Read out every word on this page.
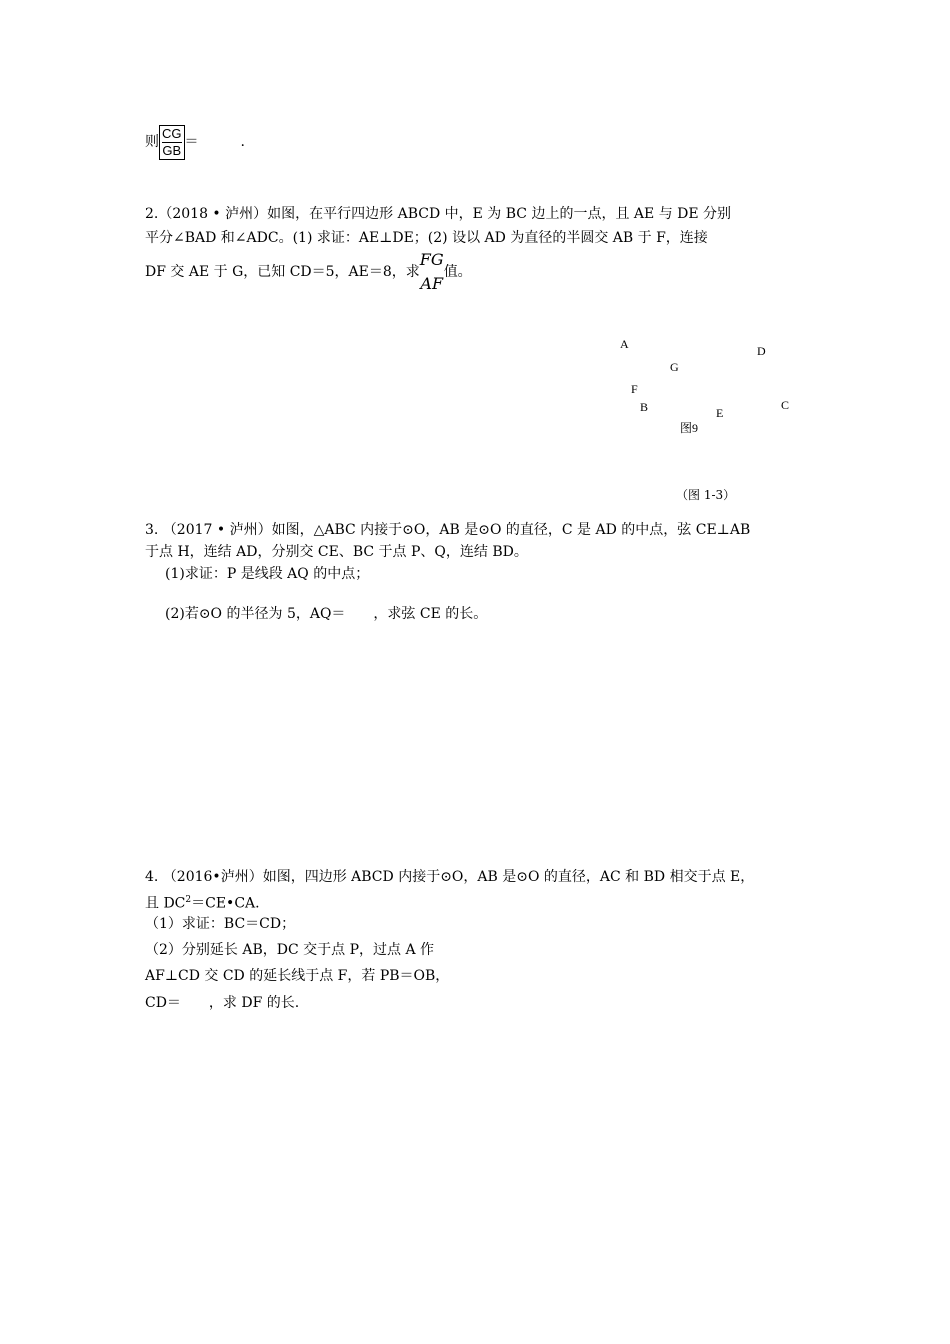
则 $\frac{CG}{GB}$ ＝　　　.
2.（2018 • 泸州）如图，在平行四边形 ABCD 中，E 为 BC 边上的一点，且 AE 与 DE 分别
平分∠BAD 和∠ADC。(1) 求证：AE⊥DE；(2) 设以 AD 为直径的半圆交 AB 于 F，连接
DF 交 AE 于 G，已知 CD＝5，AE＝8，求
FG
AF
值。
A	D
G
F
B	E
C
图9
（图 1-3）
3. （2017 • 泸州）如图，△ABC 内接于⊙O，AB 是⊙O 的直径，C 是 AD 的中点，弦 CE⊥AB
于点 H，连结 AD，分别交 CE、BC 于点 P、Q，连结 BD。
(1)求证：P 是线段 AQ 的中点；
(2)若⊙O 的半径为 5，AQ＝　　，求弦 CE 的长。
4. （2016•泸州）如图，四边形 ABCD 内接于⊙O，AB 是⊙O 的直径，AC 和 BD 相交于点 E，
且 $DC^2=CE•CA$.
（1）求证：BC＝CD；
（2）分别延长 AB，DC 交于点 P，过点 A 作
AF⊥CD 交 CD 的延长线于点 F，若 PB＝OB，
CD＝　　，求 DF 的长.
